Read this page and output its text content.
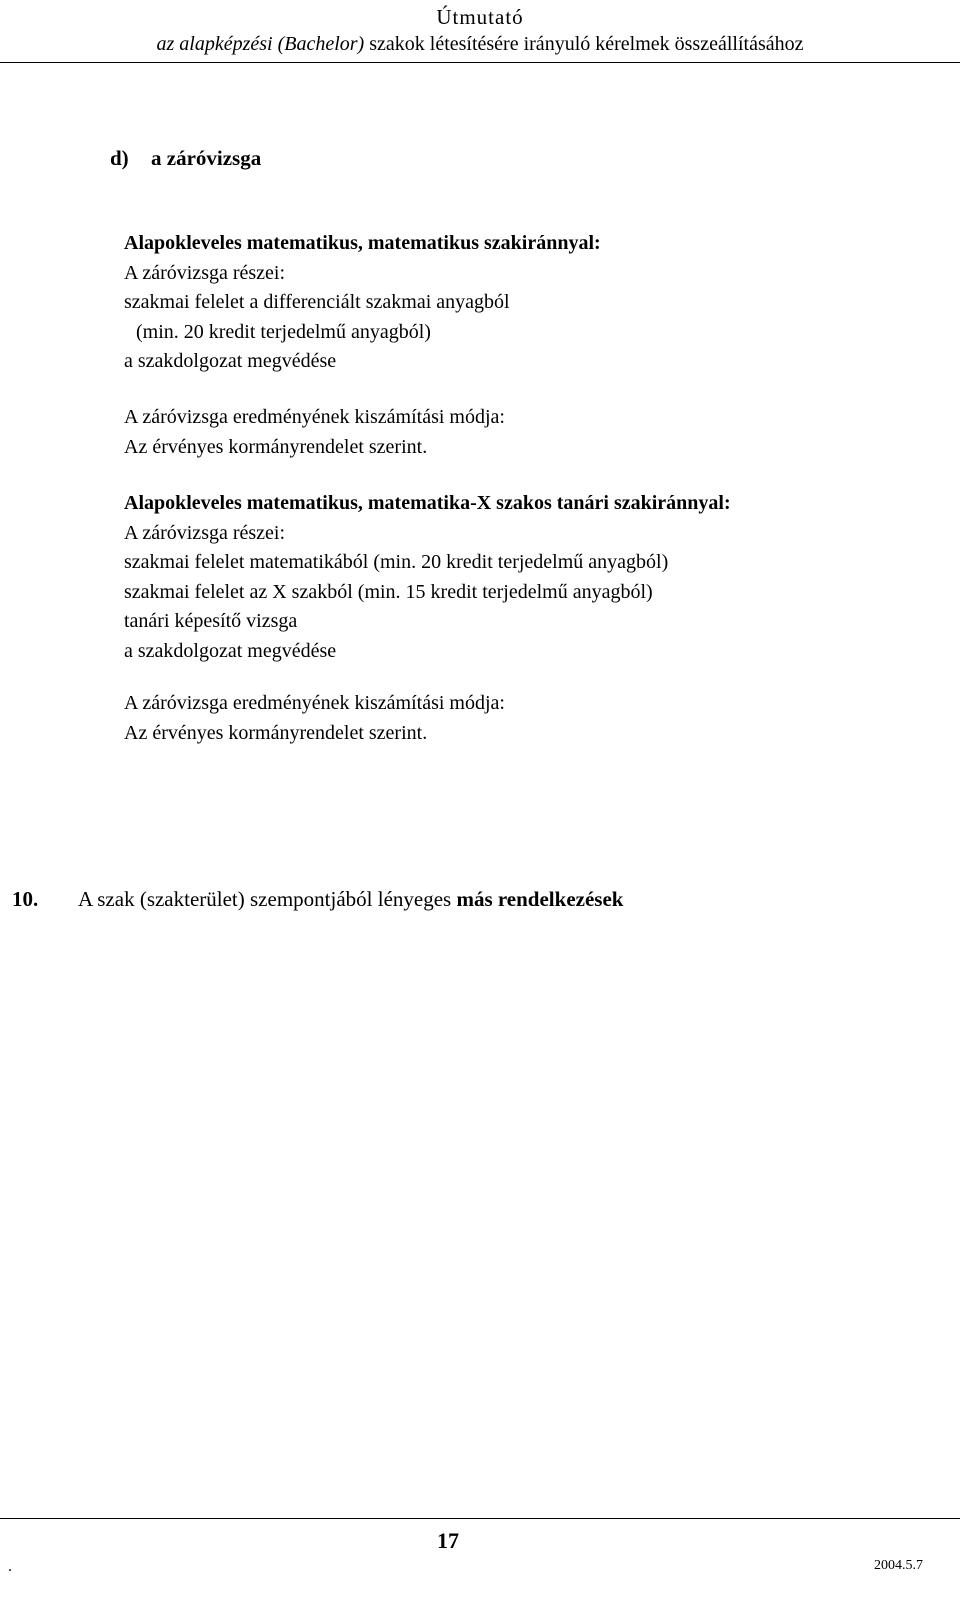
Útmutató
az alapképzési (Bachelor) szakok létesítésére irányuló kérelmek összeállításához
d) a záróvizsga
Alapokleveles matematikus, matematikus szakiránnyal:
A záróvizsga részei:
szakmai felelet a differenciált szakmai anyagból
(min. 20 kredit terjedelmű anyagból)
a szakdolgozat megvédése
A záróvizsga eredményének kiszámítási módja:
Az érvényes kormányrendelet szerint.
Alapokleveles matematikus, matematika-X szakos tanári szakiránnyal:
A záróvizsga részei:
szakmai felelet matematikából (min. 20 kredit terjedelmű anyagból)
szakmai felelet az X szakból (min. 15 kredit terjedelmű anyagból)
tanári képesítő vizsga
a szakdolgozat megvédése
A záróvizsga eredményének kiszámítási módja:
Az érvényes kormányrendelet szerint.
10. A szak (szakterület) szempontjából lényeges más rendelkezések
.
17
2004.5.7
